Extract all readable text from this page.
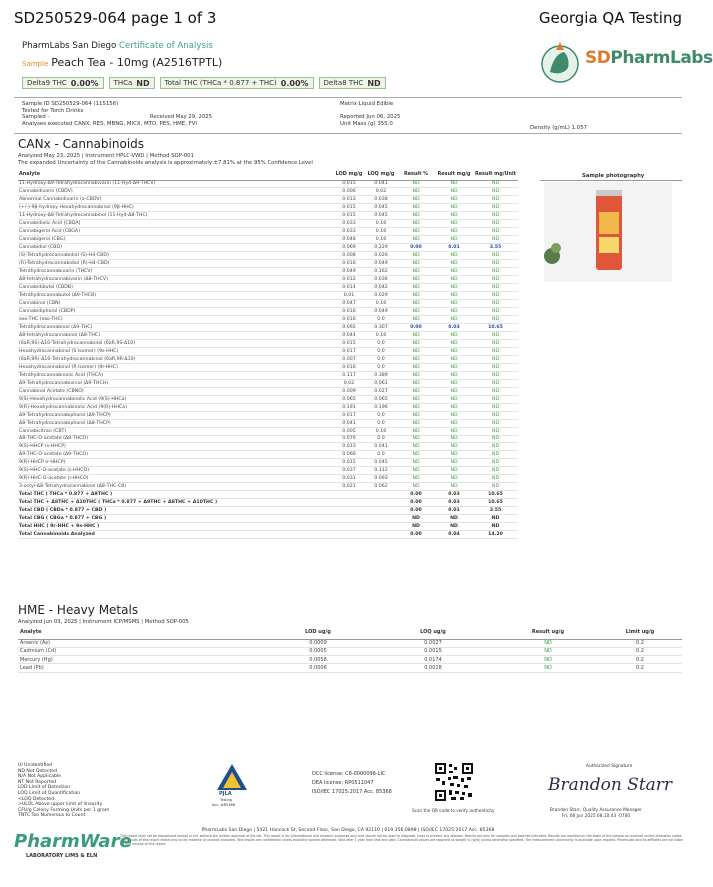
SD250529-064 page 1 of 3	Georgia QA Testing
PharmLabs San Diego Certificate of Analysis
Sample Peach Tea - 10mg (A2516TPTL)
Delta9 THC 0.00% THCa ND Total THC (THCa * 0.877 + THC) 0.00% Delta8 THC ND
SDPharmLabs
Sample ID SD250529-064 (115156)
Tested for Torch Drinks
Sampled -
Analyses executed CANX, RES, MBNG, MICX, MTO, PES, HME, FVI
Received May 29, 2025
Matrix Liquid Edible

Reported Jun 06, 2025
Unit Mass (g) 355.0
Density (g/mL) 1.057
CANx - Cannabinoids
Analyzed May 23, 2025 | Instrument HPLC-VWD | Method SOP-001
The expanded Uncertainty of the Cannabinoids analysis is approximately ±7.81% at the 95% Confidence Level
Analyte	LOD mg/g	LOQ mg/g	Result %	Result mg/g	Result mg/Unit
11-Hydroxy-Δ9-Tetrahydrocannabivarin (11-Hyd-Δ9-THCV)	0.015	0.041	ND	ND	ND
Cannabidivarin (CBDV)	0.006	0.02	ND	ND	ND
Abnormal Cannabidivarin (a-CBDV)	0.013	0.038	ND	ND	ND
(+/-)-9β-hydroxy Hexahydrocannabinol (9β-HHC)	0.015	0.045	ND	ND	ND
11-Hydroxy-Δ8-Tetrahydrocannabinol (11-Hyd-Δ8-THC)	0.015	0.045	ND	ND	ND
Cannabidiolic Acid (CBDA)	0.033	0.16	ND	ND	ND
Cannabigerol Acid (CBGA)	0.033	0.16	ND	ND	ND
Cannabigerol (CBG)	0.048	0.16	ND	ND	ND
Cannabidiol (CBD)	0.069	0.229	0.00	0.01	3.55
(S)-Tetrahydrocannabidiol (S)-H4-CBD)	0.008	0.026	ND	ND	ND
(R)-Tetrahydrocannabidiol (R)-H4-CBD)	0.016	0.049	ND	ND	ND
Tetrahydrocannabivarin (THCV)	0.049	0.162	ND	ND	ND
Δ8-tetrahydrocannabivarin (Δ8-THCV)	0.012	0.036	ND	ND	ND
Cannabidibutol (CBDB)	0.014	0.042	ND	ND	ND
Tetrahydrocannabutol (Δ9-THCB)	0.01	0.029	ND	ND	ND
Cannabinol (CBN)	0.047	0.16	ND	ND	ND
Cannabidiphorol (CBDP)	0.016	0.049	ND	ND	ND
exo-THC (exo-THC)	0.016	0.0	ND	ND	ND
Tetrahydrocannabinol (Δ9-THC)	0.092	0.307	0.00	0.03	10.65
Δ8-tetrahydrocannabinol (Δ8-THC)	0.044	0.16	ND	ND	ND
(6aR,9S)-Δ10-Tetrahydrocannabinol (6aR,9S-Δ10)	0.015	0.0	ND	ND	ND
Hexahydrocannabinol (S Isomer) (9s-HHC)	0.017	0.0	ND	ND	ND
(6aR,9R)-Δ10-Tetrahydrocannabinol (6aR,9R-Δ10)	0.007	0.0	ND	ND	ND
Hexahydrocannabinol (R Isomer) (9r-HHC)	0.016	0.0	ND	ND	ND
Tetrahydrocannabinolic Acid (THCA)	0.117	0.389	ND	ND	ND
Δ9-Tetrahydrocannabiorcol (Δ9-THCH)	0.02	0.061	ND	ND	ND
Cannabinol Acetate (CBNO)	0.009	0.027	ND	ND	ND
9(S)-Hexahydrocannabinolic Acid (9(S)-HHCa)	0.065	0.065	ND	ND	ND
9(R)-Hexahydrocannabinolic Acid (9(R)-HHCa)	0.191	0.196	ND	ND	ND
Δ9-Tetrahydrocannabiphorol (Δ9-THCP)	0.017	0.0	ND	ND	ND
Δ8-Tetrahydrocannabiphorol (Δ8-THCP)	0.041	0.0	ND	ND	ND
Cannabicitran (CBT)	0.005	0.16	ND	ND	ND
Δ8-THC-O-acetate (Δ8-THCO)	0.076	0.0	ND	ND	ND
9(S)-HHCP (s-HHCP)	0.013	0.041	ND	ND	ND
Δ9-THC-O-acetate (Δ9-THCO)	0.066	0.0	ND	ND	ND
9(R)-HHCP (r-HHCP)	0.015	0.045	ND	ND	ND
9(S)-HHC-O-acetate (s-HHCO)	0.037	0.112	ND	ND	ND
9(R)-HHC-O-acetate (r-HHCO)	0.031	0.093	ND	ND	ND
3-octyl-Δ8-Tetrahydrocannabinol (Δ8-THC-C8)	0.021	0.062	ND	ND	ND
Total THC ( THCa * 0.877 + Δ9THC )			0.00	0.03	10.65
Total THC + Δ8THC + Δ10THC ( THCa * 0.877 + Δ9THC + Δ8THC + Δ10THC )			0.00	0.03	10.65
Total CBD ( CBDa * 0.877 + CBD )			0.00	0.01	3.55
Total CBG ( CBGa * 0.877 + CBG )			ND	ND	ND
Total HHC ( 9r-HHC + 9s-HHC )			ND	ND	ND
Total Cannabinoids Analyzed			0.00	0.04	14.20
Sample photography
HME - Heavy Metals
Analyzed Jun 03, 2025 | Instrument ICP/MSMS | Method SOP-005
Analyte	LOD ug/g	LOQ ug/g	Result ug/g	Limit ug/g
Arsenic (As)	0.0009	0.0027	ND	0.2
Cadmium (Cd)	0.0005	0.0015	ND	0.2
Mercury (Hg)	0.0058	0.0174	ND	0.2
Lead (Pb)	0.0006	0.0018	ND	0.2
UI Unidentified
ND Not Detected
N/A Not Applicable
NT Not Reported
LOD Limit of Detection
LOQ Limit of Quantification
<LOQ Detected
>ULOL Above upper limit of linearity
CFU/g Colony Forming Units per 1 gram
TNTC Too Numerous to Count
PJLA
Testing
Acc. #85368
DCC license: C8-0000096-LIC
DEA license: RP0511047
ISO/IEC 17025:2017 Acc. 85368
Scan the QR code to verify authenticity
Authorized Signature
Brandon Starr
Brandon Starr, Quality Assurance Manager
Fri, 06 Jun 2025 08:10:43 -0700
PharmLabs San Diego | 5421 Hancock St, Second Floor, San Diego, CA 92110 | 619.356.0898 | ISO/IEC 17025:2017 Acc. 85368
This report shall not be reproduced except in full, without the written approval of the lab. This report is for informational and research purposes only and should not be used to diagnose, treat or prevent any disease. Results are only for samples and batches indicated. Results are reported on the basis of the sample as received unless otherwise noted. The results of this report relate only to the material or product analyzed. Test results are confidential unless explicitly waived otherwise. Void after 1 year from test end date. Cannabinoid values are reported as weight % (w/w) unless otherwise specified. The measurement uncertainty is available upon request. PharmLabs and its affiliates are not liable for any misuse of this report.
PharmWare
LABORATORY LIMS & ELN
